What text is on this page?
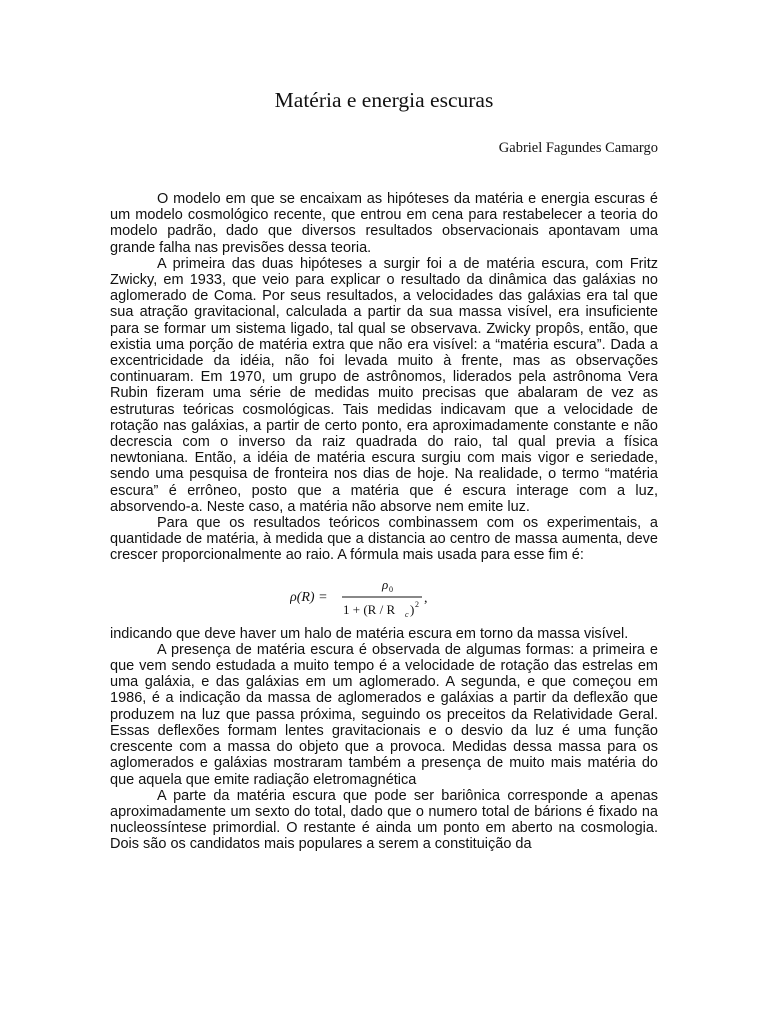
Matéria e energia escuras
Gabriel Fagundes Camargo

O modelo em que se encaixam as hipóteses da matéria e energia escuras é um modelo cosmológico recente, que entrou em cena para restabelecer a teoria do modelo padrão, dado que diversos resultados observacionais apontavam uma grande falha nas previsões dessa teoria.

A primeira das duas hipóteses a surgir foi a de matéria escura, com Fritz Zwicky, em 1933, que veio para explicar o resultado da dinâmica das galáxias no aglomerado de Coma. Por seus resultados, a velocidades das galáxias era tal que sua atração gravitacional, calculada a partir da sua massa visível, era insuficiente para se formar um sistema ligado, tal qual se observava. Zwicky propôs, então, que existia uma porção de matéria extra que não era visível: a “matéria escura”. Dada a excentricidade da idéia, não foi levada muito à frente, mas as observações continuaram. Em 1970, um grupo de astrônomos, liderados pela astrônoma Vera Rubin fizeram uma série de medidas muito precisas que abalaram de vez as estruturas teóricas cosmológicas. Tais medidas indicavam que a velocidade de rotação nas galáxias, a partir de certo ponto, era aproximadamente constante e não decrescia com o inverso da raiz quadrada do raio, tal qual previa a física newtoniana. Então, a idéia de matéria escura surgiu com mais vigor e seriedade, sendo uma pesquisa de fronteira nos dias de hoje. Na realidade, o termo “matéria escura” é errôneo, posto que a matéria que é escura interage com a luz, absorvendo-a. Neste caso, a matéria não absorve nem emite luz.

Para que os resultados teóricos combinassem com os experimentais, a quantidade de matéria, à medida que a distancia ao centro de massa aumenta, deve crescer proporcionalmente ao raio. A fórmula mais usada para esse fim é:

ρ(R) =
ρ 0
1 + (R / R c ) 2 ,

indicando que deve haver um halo de matéria escura em torno da massa visível.

A presença de matéria escura é observada de algumas formas: a primeira e que vem sendo estudada a muito tempo é a velocidade de rotação das estrelas em uma galáxia, e das galáxias em um aglomerado. A segunda, e que começou em 1986, é a indicação da massa de aglomerados e galáxias a partir da deflexão que produzem na luz que passa próxima, seguindo os preceitos da Relatividade Geral. Essas deflexões formam lentes gravitacionais e o desvio da luz é uma função crescente com a massa do objeto que a provoca. Medidas dessa massa para os aglomerados e galáxias mostraram também a presença de muito mais matéria do que aquela que emite radiação eletromagnética

A parte da matéria escura que pode ser bariônica corresponde a apenas aproximadamente um sexto do total, dado que o numero total de bárions é fixado na nucleossíntese primordial. O restante é ainda um ponto em aberto na cosmologia. Dois são os candidatos mais populares a serem a constituição da
